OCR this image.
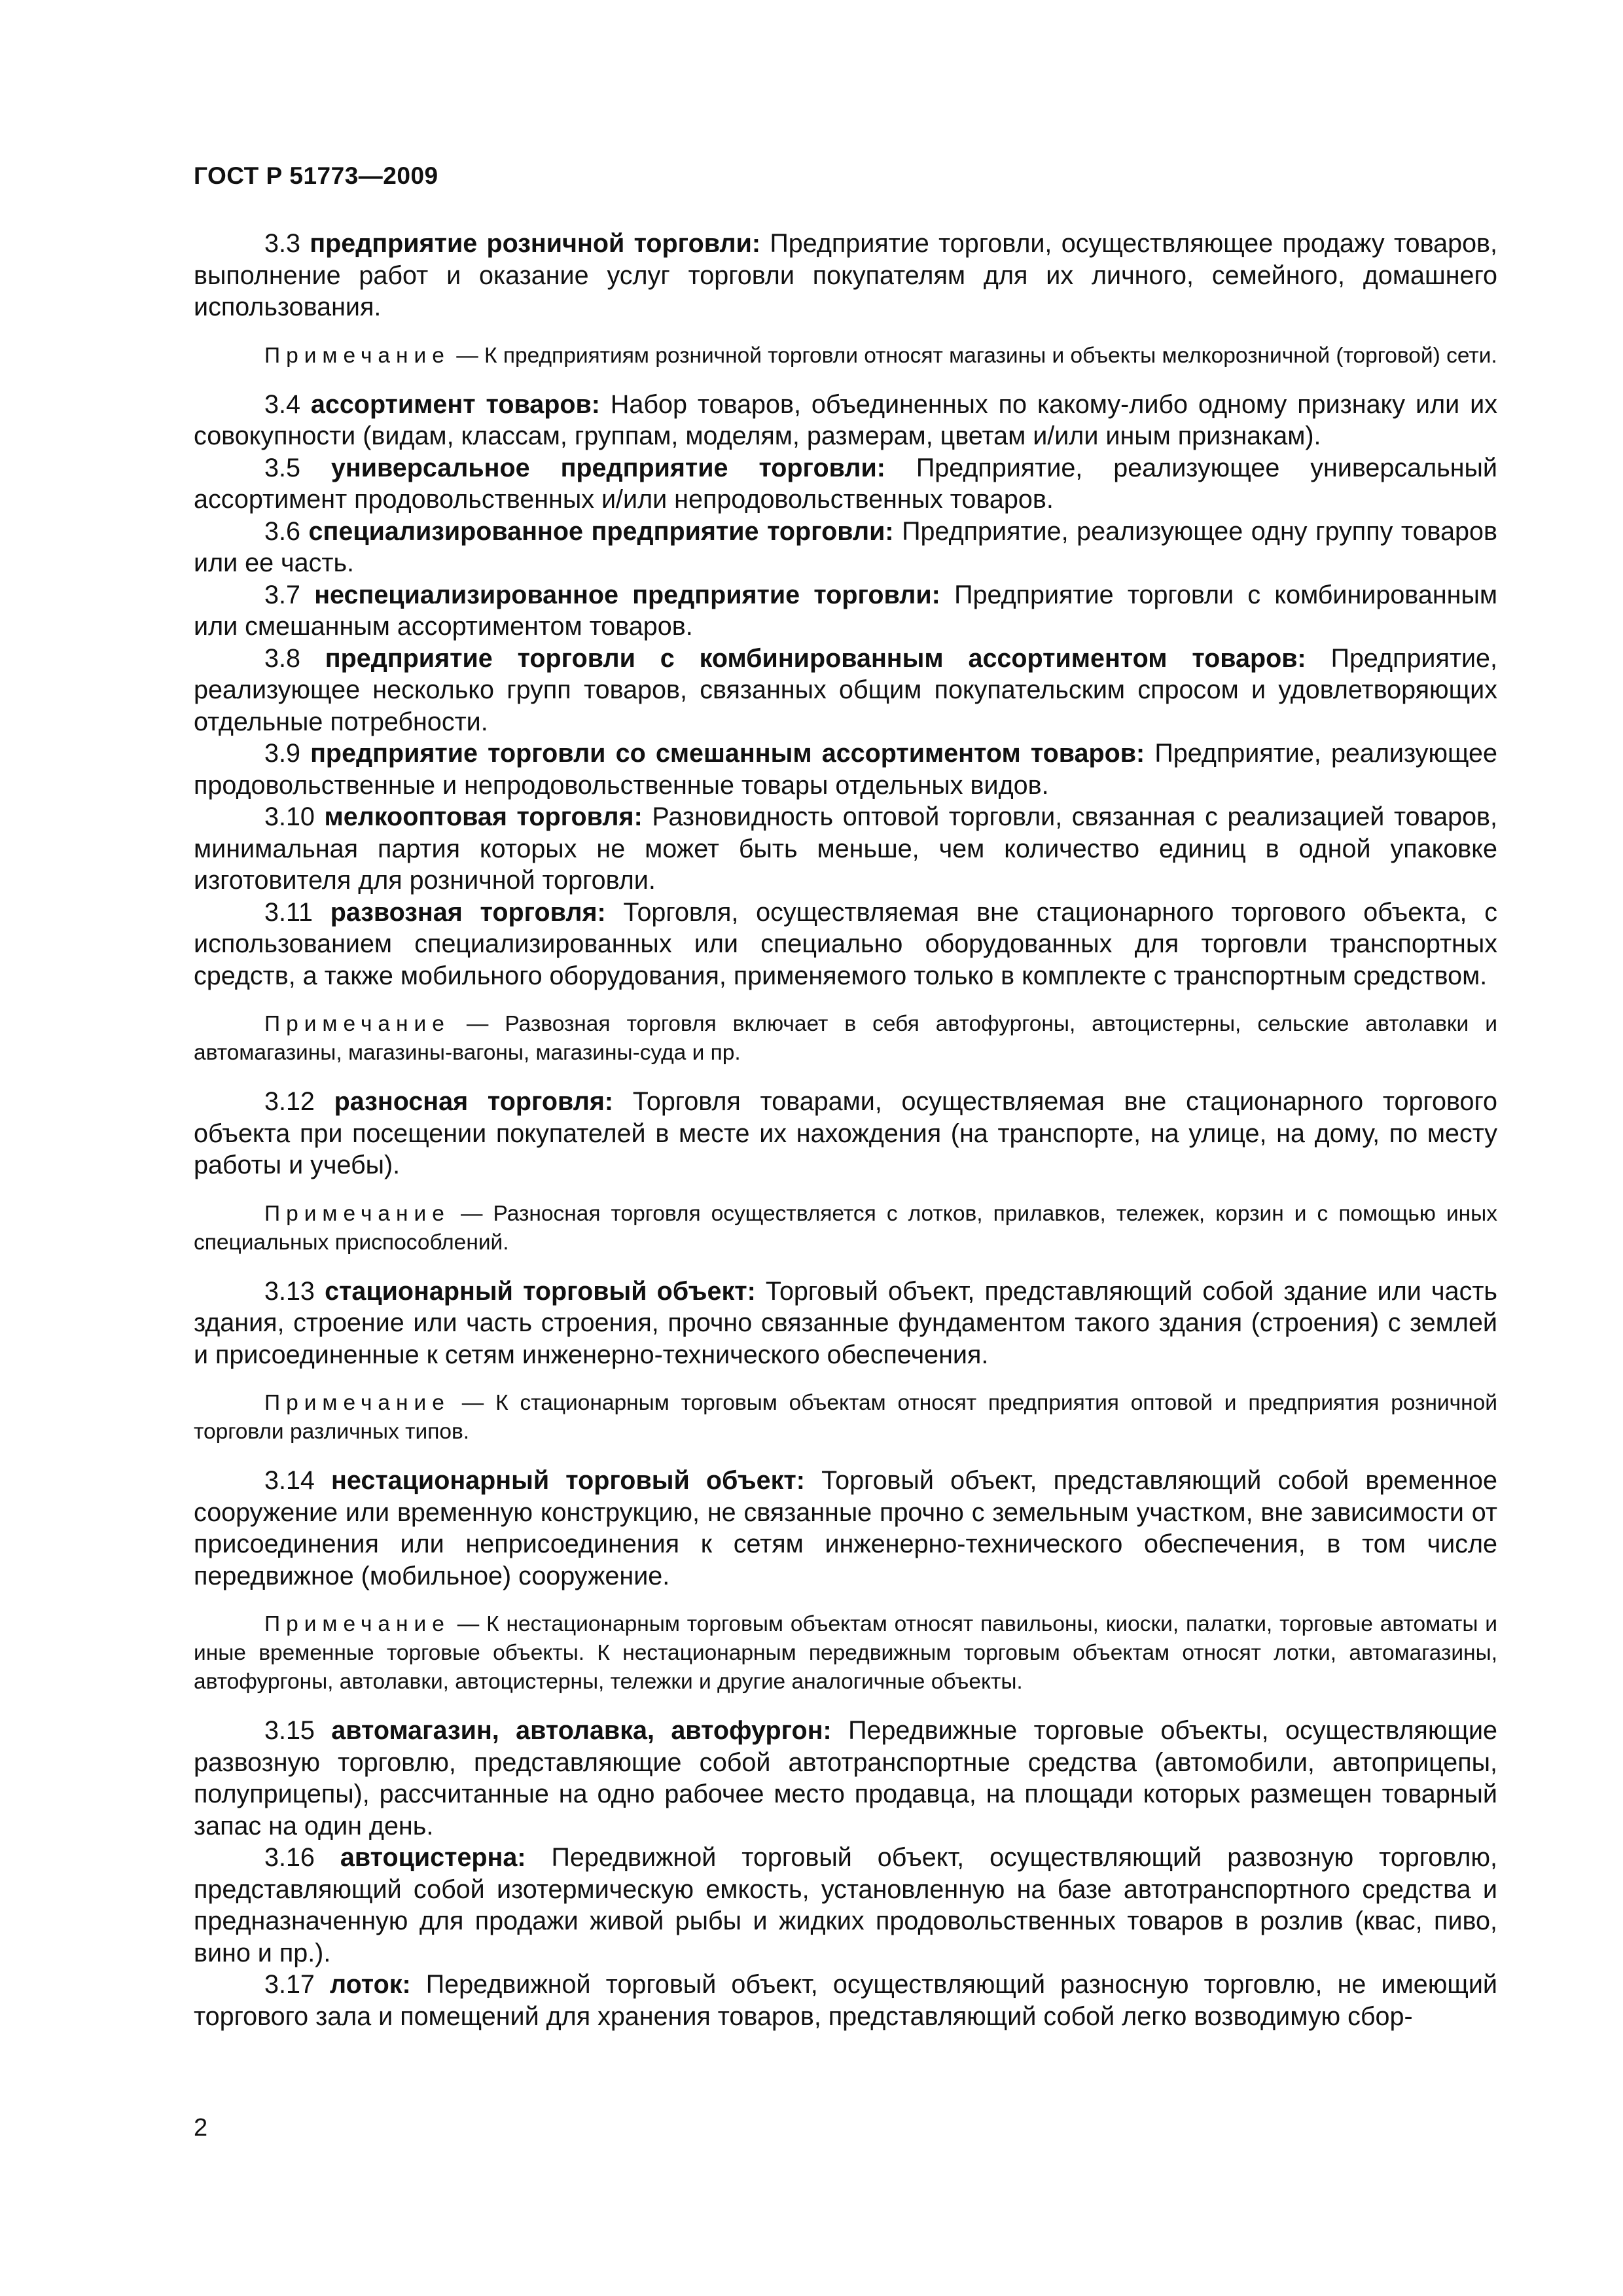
ГОСТ Р 51773—2009

3.3 предприятие розничной торговли: Предприятие торговли, осуществляющее продажу товаров, выполнение работ и оказание услуг торговли покупателям для их личного, семейного, домашнего использования.

Примечание — К предприятиям розничной торговли относят магазины и объекты мелкорозничной (торговой) сети.

3.4 ассортимент товаров: Набор товаров, объединенных по какому-либо одному признаку или их совокупности (видам, классам, группам, моделям, размерам, цветам и/или иным признакам).

3.5 универсальное предприятие торговли: Предприятие, реализующее универсальный ассортимент продовольственных и/или непродовольственных товаров.

3.6 специализированное предприятие торговли: Предприятие, реализующее одну группу товаров или ее часть.

3.7 неспециализированное предприятие торговли: Предприятие торговли с комбинированным или смешанным ассортиментом товаров.

3.8 предприятие торговли с комбинированным ассортиментом товаров: Предприятие, реализующее несколько групп товаров, связанных общим покупательским спросом и удовлетворяющих отдельные потребности.

3.9 предприятие торговли со смешанным ассортиментом товаров: Предприятие, реализующее продовольственные и непродовольственные товары отдельных видов.

3.10 мелкооптовая торговля: Разновидность оптовой торговли, связанная с реализацией товаров, минимальная партия которых не может быть меньше, чем количество единиц в одной упаковке изготовителя для розничной торговли.

3.11 развозная торговля: Торговля, осуществляемая вне стационарного торгового объекта, с использованием специализированных или специально оборудованных для торговли транспортных средств, а также мобильного оборудования, применяемого только в комплекте с транспортным средством.

Примечание — Развозная торговля включает в себя автофургоны, автоцистерны, сельские автолавки и автомагазины, магазины-вагоны, магазины-суда и пр.

3.12 разносная торговля: Торговля товарами, осуществляемая вне стационарного торгового объекта при посещении покупателей в месте их нахождения (на транспорте, на улице, на дому, по месту работы и учебы).

Примечание — Разносная торговля осуществляется с лотков, прилавков, тележек, корзин и с помощью иных специальных приспособлений.

3.13 стационарный торговый объект: Торговый объект, представляющий собой здание или часть здания, строение или часть строения, прочно связанные фундаментом такого здания (строения) с землей и присоединенные к сетям инженерно-технического обеспечения.

Примечание — К стационарным торговым объектам относят предприятия оптовой и предприятия розничной торговли различных типов.

3.14 нестационарный торговый объект: Торговый объект, представляющий собой временное сооружение или временную конструкцию, не связанные прочно с земельным участком, вне зависимости от присоединения или неприсоединения к сетям инженерно-технического обеспечения, в том числе передвижное (мобильное) сооружение.

Примечание — К нестационарным торговым объектам относят павильоны, киоски, палатки, торговые автоматы и иные временные торговые объекты. К нестационарным передвижным торговым объектам относят лотки, автомагазины, автофургоны, автолавки, автоцистерны, тележки и другие аналогичные объекты.

3.15 автомагазин, автолавка, автофургон: Передвижные торговые объекты, осуществляющие развозную торговлю, представляющие собой автотранспортные средства (автомобили, автоприцепы, полуприцепы), рассчитанные на одно рабочее место продавца, на площади которых размещен товарный запас на один день.

3.16 автоцистерна: Передвижной торговый объект, осуществляющий развозную торговлю, представляющий собой изотермическую емкость, установленную на базе автотранспортного средства и предназначенную для продажи живой рыбы и жидких продовольственных товаров в розлив (квас, пиво, вино и пр.).

3.17 лоток: Передвижной торговый объект, осуществляющий разносную торговлю, не имеющий торгового зала и помещений для хранения товаров, представляющий собой легко возводимую сбор-

2
